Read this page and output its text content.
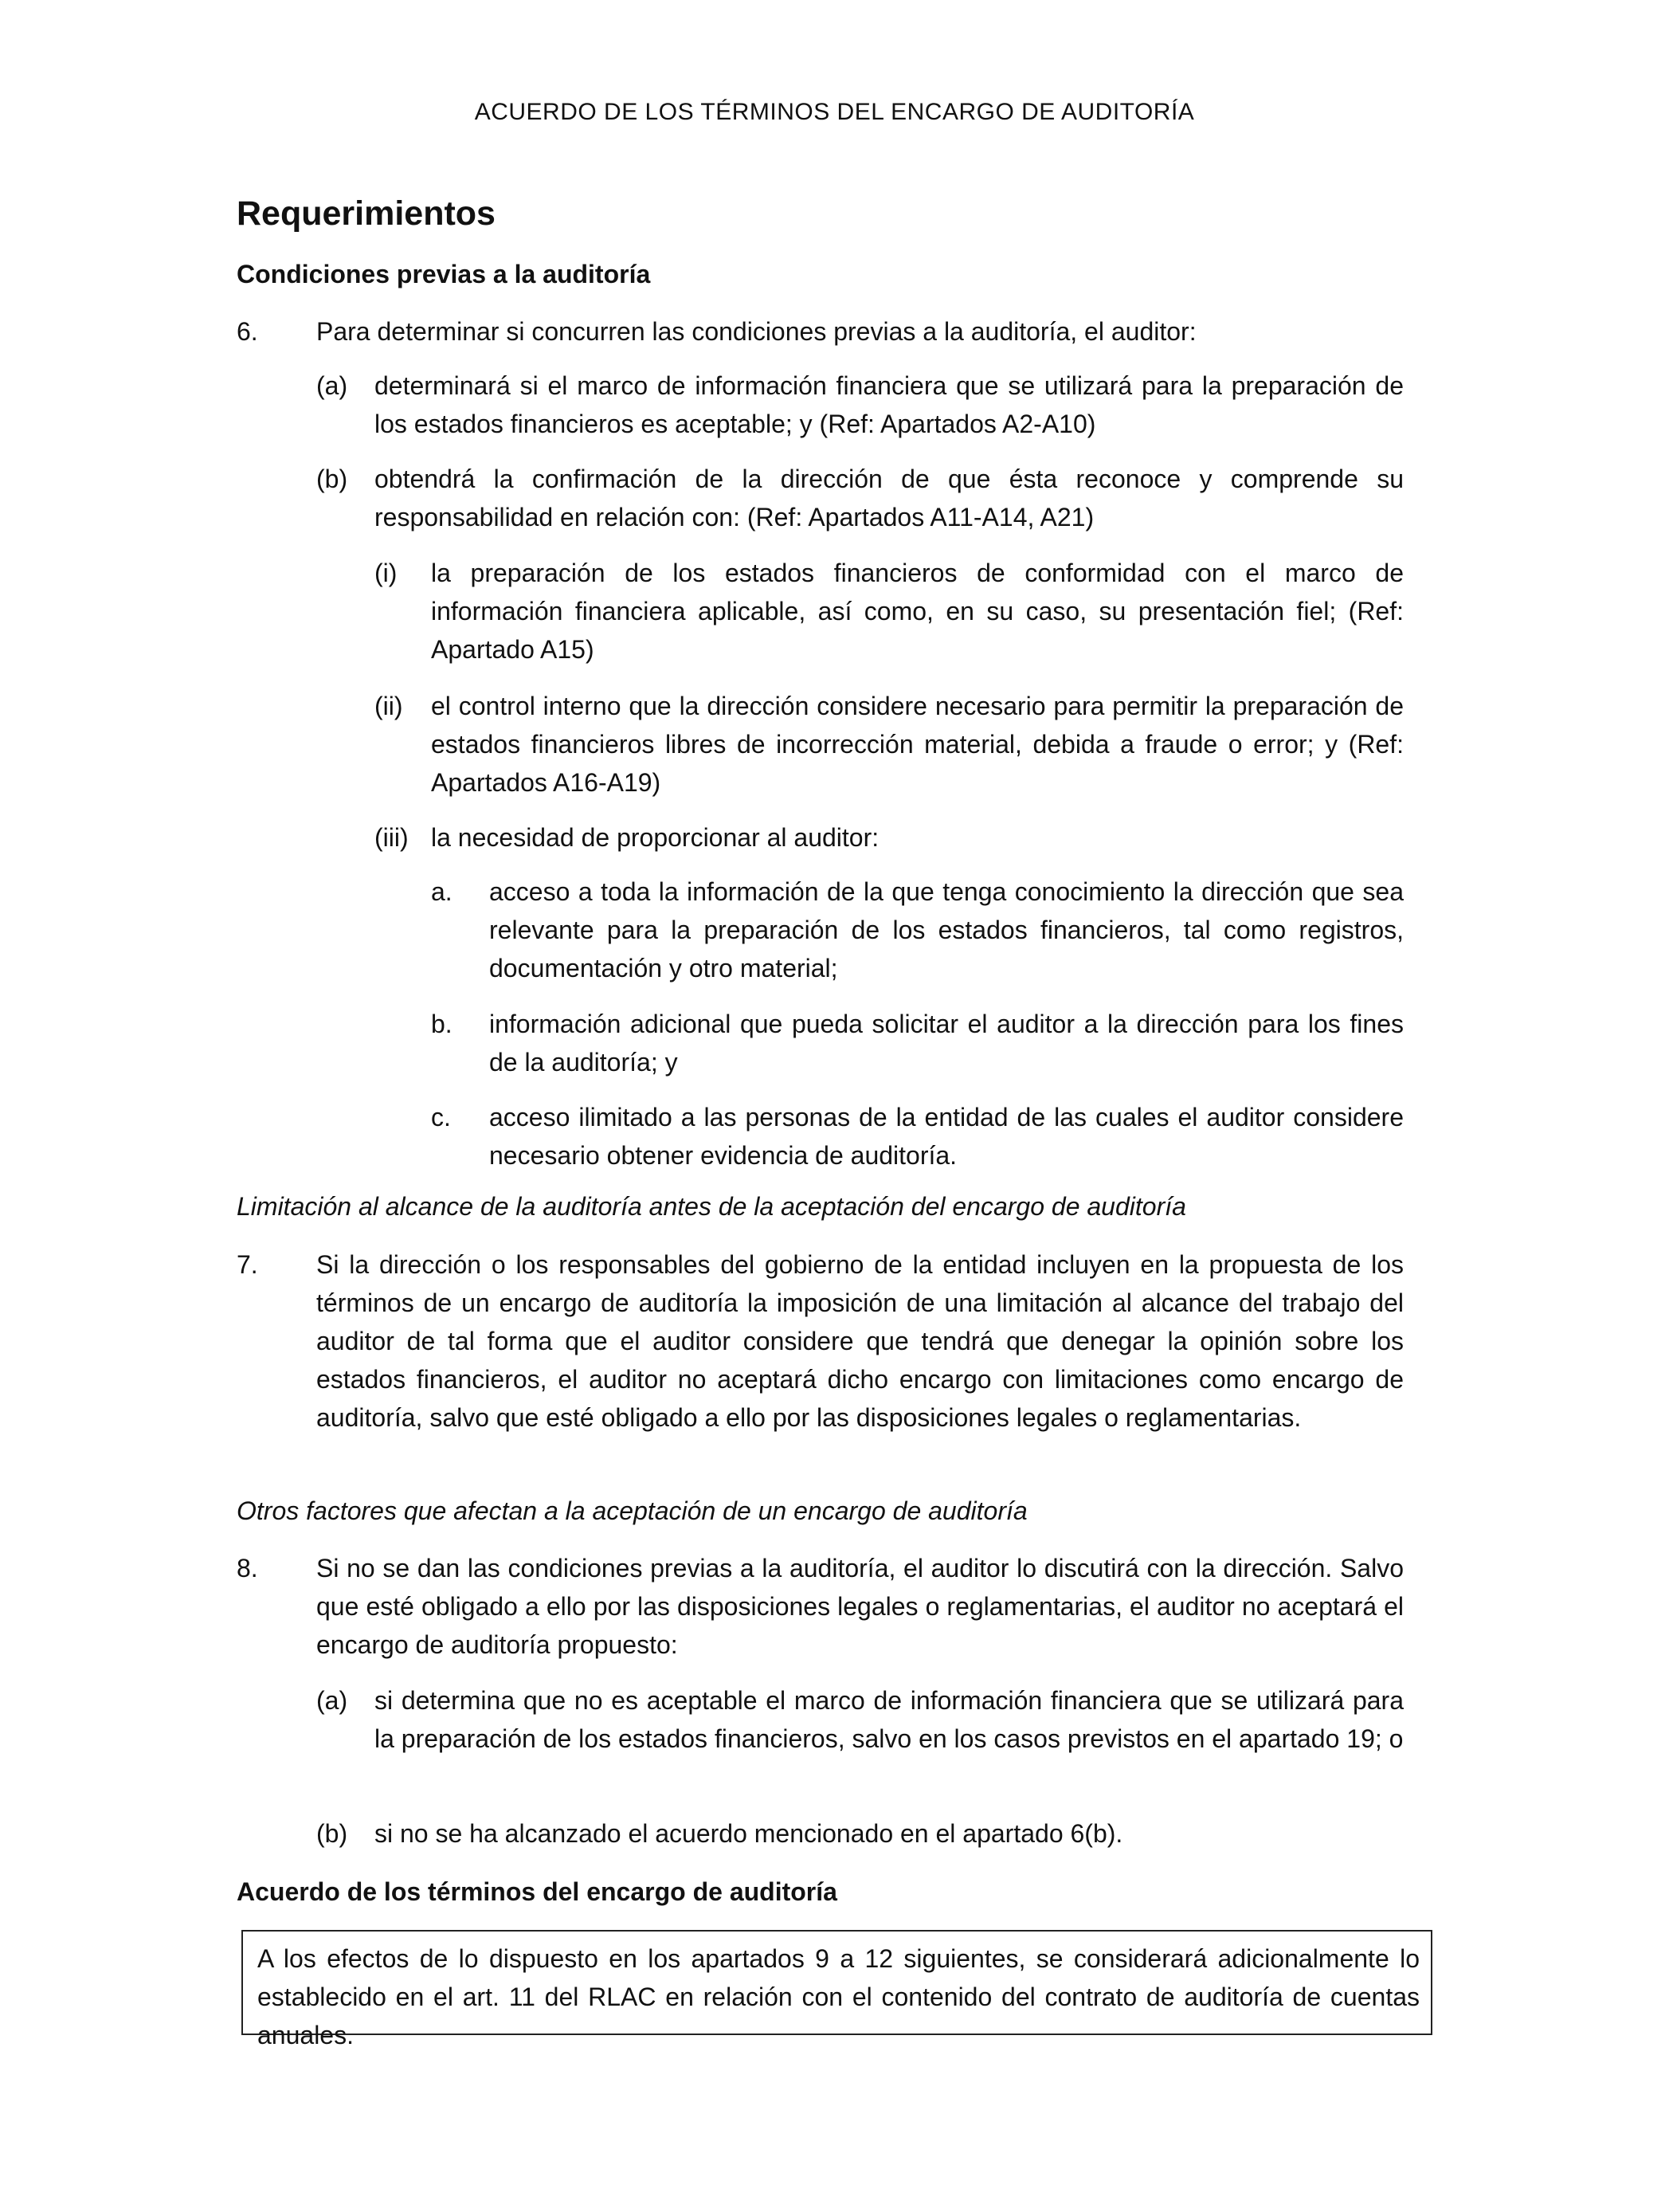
ACUERDO DE LOS TÉRMINOS DEL ENCARGO DE AUDITORÍA
Requerimientos
Condiciones previas a la auditoría
6. Para determinar si concurren las condiciones previas a la auditoría, el auditor:
(a) determinará si el marco de información financiera que se utilizará para la preparación de los estados financieros es aceptable; y (Ref: Apartados A2-A10)
(b) obtendrá la confirmación de la dirección de que ésta reconoce y comprende su responsabilidad en relación con: (Ref: Apartados A11-A14, A21)
(i) la preparación de los estados financieros de conformidad con el marco de información financiera aplicable, así como, en su caso, su presentación fiel; (Ref: Apartado A15)
(ii) el control interno que la dirección considere necesario para permitir la preparación de estados financieros libres de incorrección material, debida a fraude o error; y (Ref: Apartados A16-A19)
(iii) la necesidad de proporcionar al auditor:
a. acceso a toda la información de la que tenga conocimiento la dirección que sea relevante para la preparación de los estados financieros, tal como registros, documentación y otro material;
b. información adicional que pueda solicitar el auditor a la dirección para los fines de la auditoría; y
c. acceso ilimitado a las personas de la entidad de las cuales el auditor considere necesario obtener evidencia de auditoría.
Limitación al alcance de la auditoría antes de la aceptación del encargo de auditoría
7. Si la dirección o los responsables del gobierno de la entidad incluyen en la propuesta de los términos de un encargo de auditoría la imposición de una limitación al alcance del trabajo del auditor de tal forma que el auditor considere que tendrá que denegar la opinión sobre los estados financieros, el auditor no aceptará dicho encargo con limitaciones como encargo de auditoría, salvo que esté obligado a ello por las disposiciones legales o reglamentarias.
Otros factores que afectan a la aceptación de un encargo de auditoría
8. Si no se dan las condiciones previas a la auditoría, el auditor lo discutirá con la dirección. Salvo que esté obligado a ello por las disposiciones legales o reglamentarias, el auditor no aceptará el encargo de auditoría propuesto:
(a) si determina que no es aceptable el marco de información financiera que se utilizará para la preparación de los estados financieros, salvo en los casos previstos en el apartado 19; o
(b) si no se ha alcanzado el acuerdo mencionado en el apartado 6(b).
Acuerdo de los términos del encargo de auditoría
A los efectos de lo dispuesto en los apartados 9 a 12 siguientes, se considerará adicionalmente lo establecido en el art. 11 del RLAC en relación con el contenido del contrato de auditoría de cuentas anuales.
